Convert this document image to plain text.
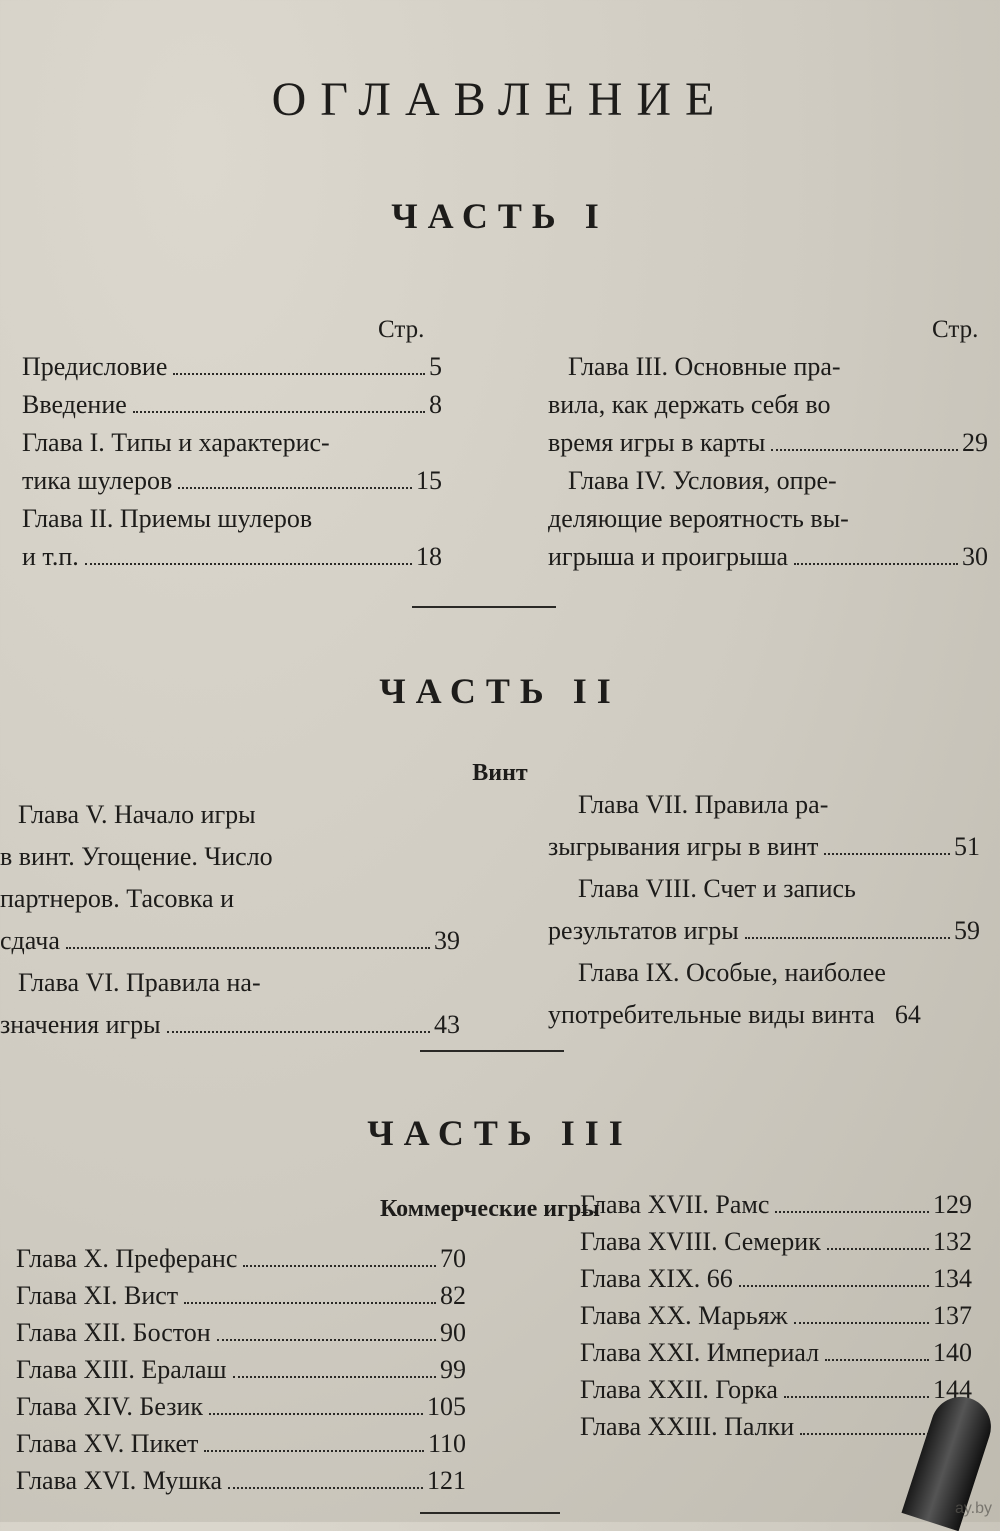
ОГЛАВЛЕНИЕ
ЧАСТЬ I
Стр.	Стр.
Предисловие	5
Введение	8
Глава I. Типы и характерис-
тика шулеров	15
Глава II. Приемы шулеров
и т.п.	18
Глава III. Основные пра-
вила, как держать себя во
время игры в карты	29
Глава IV. Условия, опре-
деляющие вероятность вы-
игрыша и проигрыша	30
ЧАСТЬ II
Винт
Глава V. Начало игры
в винт. Угощение. Число
партнеров. Тасовка и
сдача	39
Глава VI. Правила на-
значения игры	43
Глава VII. Правила ра-
зыгрывания игры в винт	51
Глава VIII. Счет и запись
результатов игры	59
Глава IX. Особые, наиболее
употребительные виды винта 64
ЧАСТЬ III
Коммерческие игры
Глава X. Преферанс	70
Глава XI. Вист	82
Глава XII. Бостон	90
Глава XIII. Ералаш	99
Глава XIV. Безик	105
Глава XV. Пикет	110
Глава XVI. Мушка	121
Глава XVII. Рамс	129
Глава XVIII. Семерик	132
Глава XIX. 66	134
Глава XX. Марьяж	137
Глава XXI. Империал	140
Глава XXII. Горка	144
Глава XXIII. Палки
ay.by
